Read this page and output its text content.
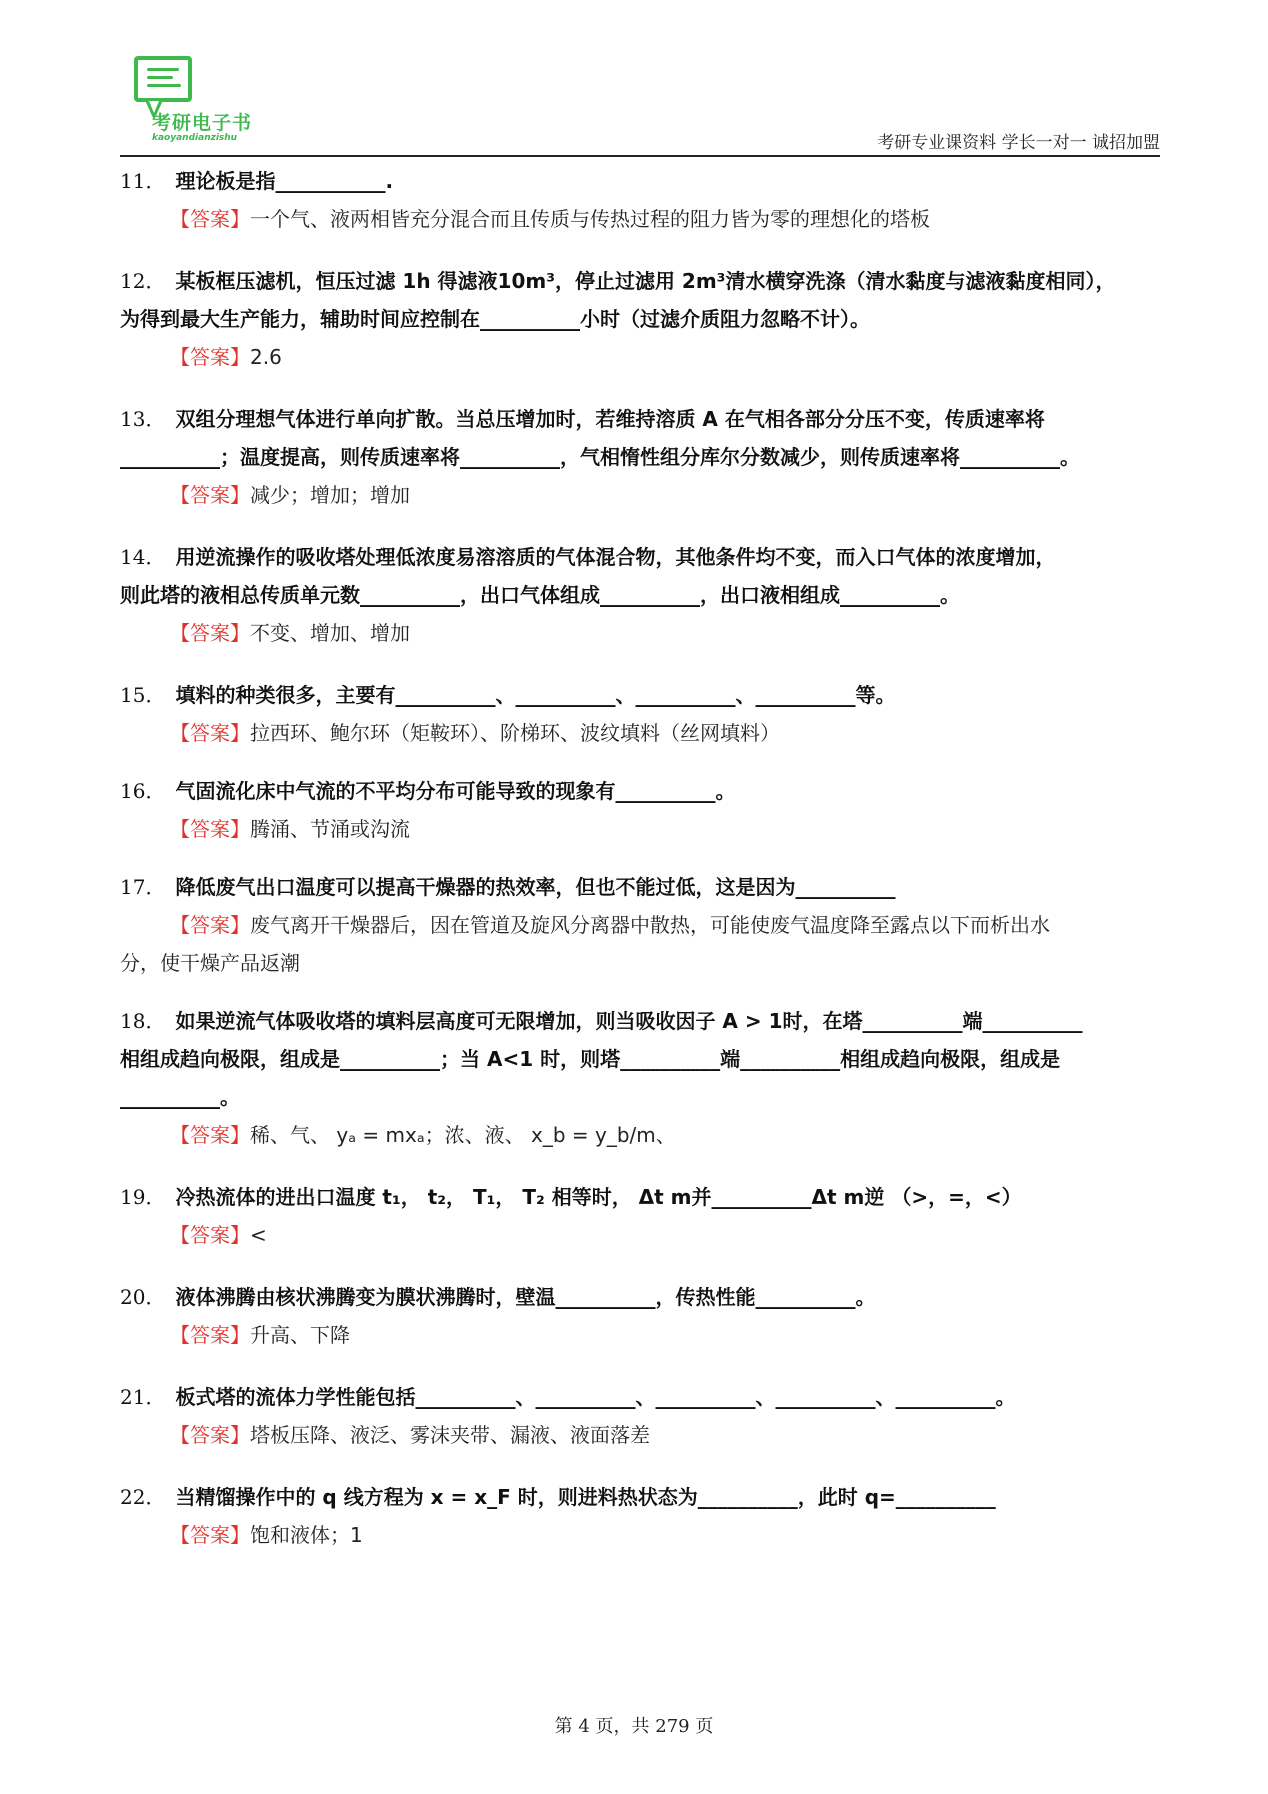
考研电子书
kaoyandianzishu	考研专业课资料 学长一对一 诚招加盟
11． 理论板是指___________.
【答案】一个气、液两相皆充分混合而且传质与传热过程的阻力皆为零的理想化的塔板
12． 某板框压滤机，恒压过滤 1h 得滤液10m³，停止过滤用 2m³清水横穿洗涤（清水黏度与滤液黏度相同），
为得到最大生产能力，辅助时间应控制在__________小时（过滤介质阻力忽略不计）。
【答案】2.6
13． 双组分理想气体进行单向扩散。当总压增加时，若维持溶质 A 在气相各部分分压不变，传质速率将
__________；温度提高，则传质速率将__________，气相惰性组分库尔分数减少，则传质速率将__________。
【答案】减少；增加；增加
14． 用逆流操作的吸收塔处理低浓度易溶溶质的气体混合物，其他条件均不变，而入口气体的浓度增加，
则此塔的液相总传质单元数__________，出口气体组成__________，出口液相组成__________。
【答案】不变、增加、增加
15． 填料的种类很多，主要有__________、__________、__________、__________等。
【答案】拉西环、鲍尔环（矩鞍环）、阶梯环、波纹填料（丝网填料）
16． 气固流化床中气流的不平均分布可能导致的现象有__________。
【答案】腾涌、节涌或沟流
17． 降低废气出口温度可以提高干燥器的热效率，但也不能过低，这是因为__________
【答案】废气离开干燥器后，因在管道及旋风分离器中散热，可能使废气温度降至露点以下而析出水
分，使干燥产品返潮
18． 如果逆流气体吸收塔的填料层高度可无限增加，则当吸收因子 A > 1时，在塔__________端__________
相组成趋向极限，组成是__________；当 A<1 时，则塔__________端__________相组成趋向极限，组成是
__________。
【答案】稀、气、 yₐ = mxₐ；浓、液、 x_b = y_b/m、
19． 冷热流体的进出口温度 t₁， t₂， T₁， T₂ 相等时， Δt m并__________Δt m逆 （>，=，<）
【答案】<
20． 液体沸腾由核状沸腾变为膜状沸腾时，壁温__________，传热性能__________。
【答案】升高、下降
21． 板式塔的流体力学性能包括__________、__________、__________、__________、__________。
【答案】塔板压降、液泛、雾沫夹带、漏液、液面落差
22． 当精馏操作中的 q 线方程为 x = x_F 时，则进料热状态为__________，此时 q=__________
【答案】饱和液体；1
第 4 页，共 279 页
